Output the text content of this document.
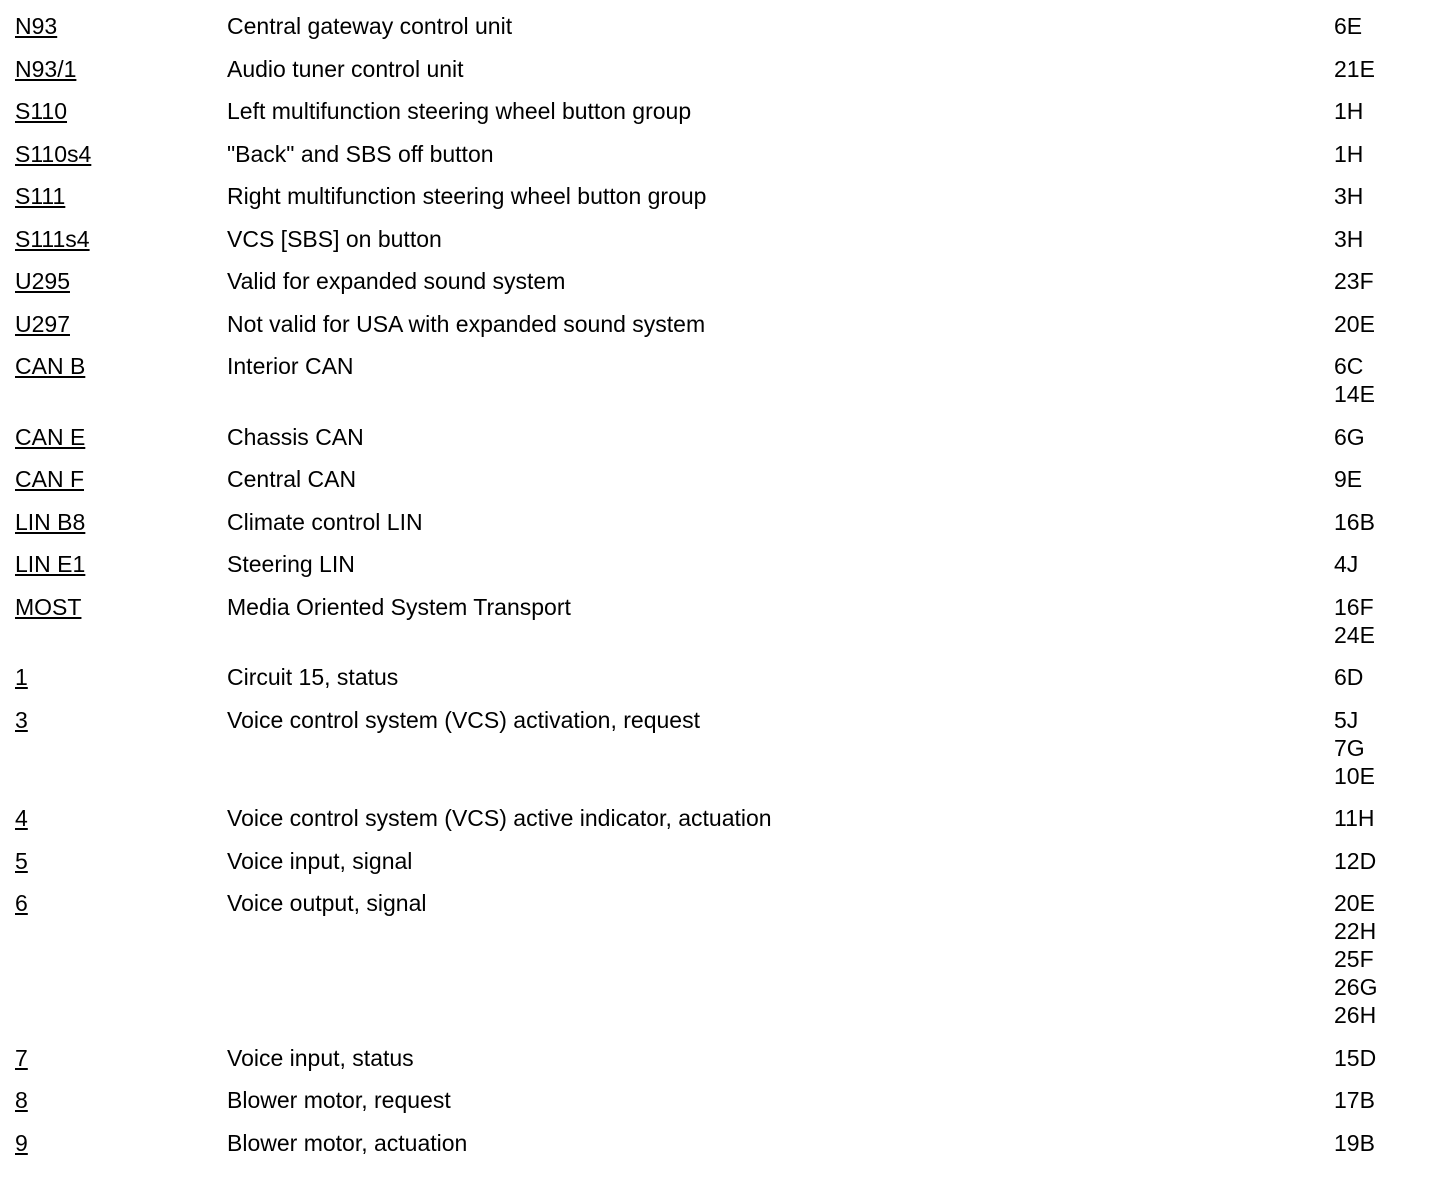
N93	Central gateway control unit	6E
N93/1	Audio tuner control unit	21E
S110	Left multifunction steering wheel button group	1H
S110s4	"Back" and SBS off button	1H
S111	Right multifunction steering wheel button group	3H
S111s4	VCS [SBS] on button	3H
U295	Valid for expanded sound system	23F
U297	Not valid for USA with expanded sound system	20E
CAN B	Interior CAN	6C
14E
CAN E	Chassis CAN	6G
CAN F	Central CAN	9E
LIN B8	Climate control LIN	16B
LIN E1	Steering LIN	4J
MOST	Media Oriented System Transport	16F
24E
1	Circuit 15, status	6D
3	Voice control system (VCS) activation, request	5J
7G
10E
4	Voice control system (VCS) active indicator, actuation	11H
5	Voice input, signal	12D
6	Voice output, signal	20E
22H
25F
26G
26H
7	Voice input, status	15D
8	Blower motor, request	17B
9	Blower motor, actuation	19B
